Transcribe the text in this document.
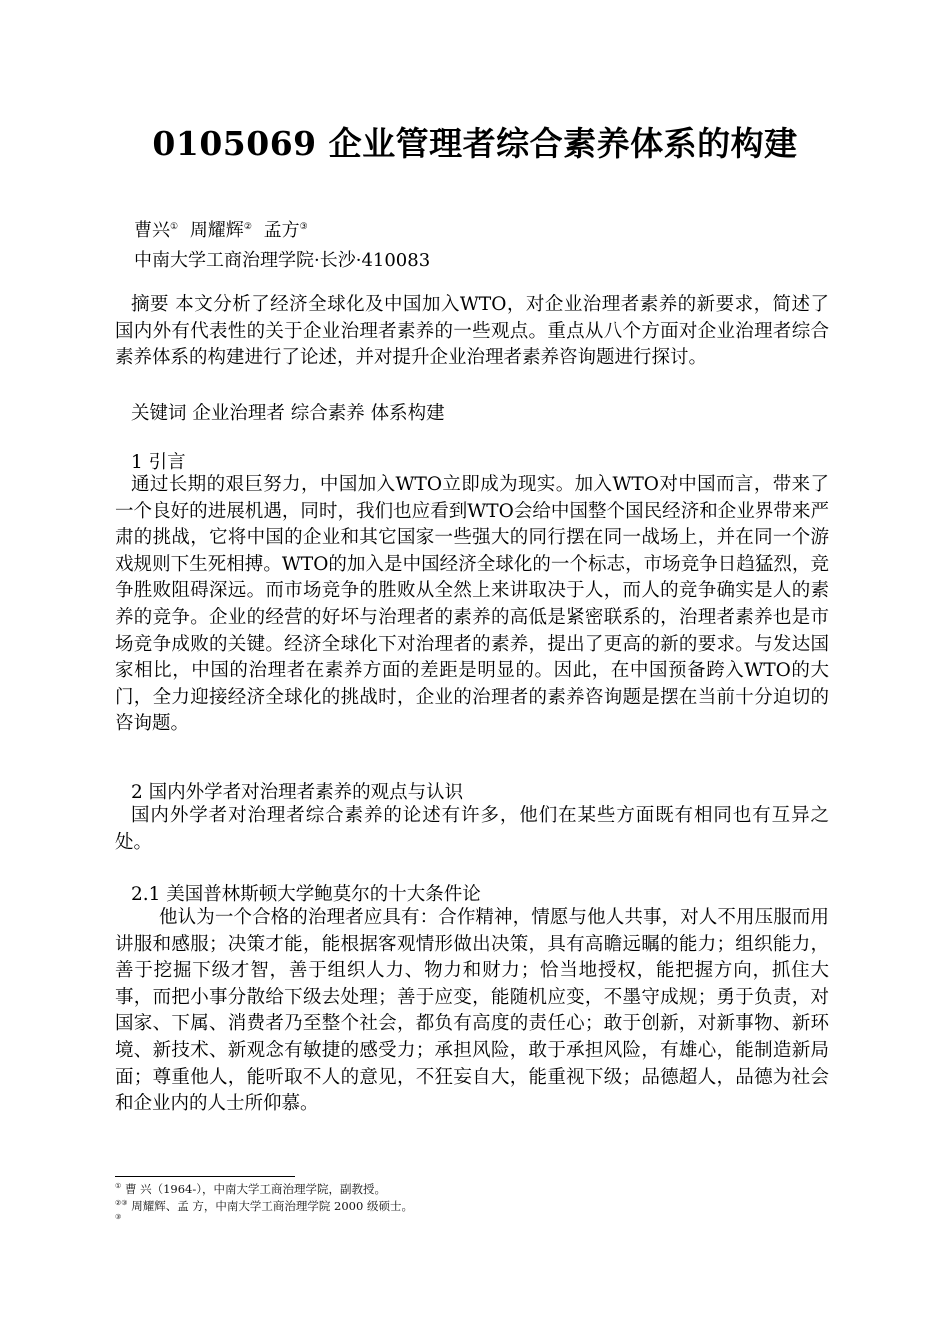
0105069 企业管理者综合素养体系的构建
曹兴① 周耀辉② 孟方③
中南大学工商治理学院·长沙·410083
摘要 本文分析了经济全球化及中国加入WTO，对企业治理者素养的新要求，简述了国内外有代表性的关于企业治理者素养的一些观点。重点从八个方面对企业治理者综合素养体系的构建进行了论述，并对提升企业治理者素养咨询题进行探讨。
关键词 企业治理者 综合素养 体系构建
1 引言
通过长期的艰巨努力，中国加入WTO立即成为现实。加入WTO对中国而言，带来了一个良好的进展机遇，同时，我们也应看到WTO会给中国整个国民经济和企业界带来严肃的挑战，它将中国的企业和其它国家一些强大的同行摆在同一战场上，并在同一个游戏规则下生死相搏。WTO的加入是中国经济全球化的一个标志，市场竞争日趋猛烈，竞争胜败阻碍深远。而市场竞争的胜败从全然上来讲取决于人，而人的竞争确实是人的素养的竞争。企业的经营的好坏与治理者的素养的高低是紧密联系的，治理者素养也是市场竞争成败的关键。经济全球化下对治理者的素养，提出了更高的新的要求。与发达国家相比，中国的治理者在素养方面的差距是明显的。因此，在中国预备跨入WTO的大门，全力迎接经济全球化的挑战时，企业的治理者的素养咨询题是摆在当前十分迫切的咨询题。
2 国内外学者对治理者素养的观点与认识
国内外学者对治理者综合素养的论述有许多，他们在某些方面既有相同也有互异之处。
2.1 美国普林斯顿大学鲍莫尔的十大条件论
他认为一个合格的治理者应具有：合作精神，情愿与他人共事，对人不用压服而用讲服和感服；决策才能，能根据客观情形做出决策，具有高瞻远瞩的能力；组织能力，善于挖掘下级才智，善于组织人力、物力和财力；恰当地授权，能把握方向，抓住大事，而把小事分散给下级去处理；善于应变，能随机应变，不墨守成规；勇于负责，对国家、下属、消费者乃至整个社会，都负有高度的责任心；敢于创新，对新事物、新环境、新技术、新观念有敏捷的感受力；承担风险，敢于承担风险，有雄心，能制造新局面；尊重他人，能听取不人的意见，不狂妄自大，能重视下级；品德超人，品德为社会和企业内的人士所仰慕。
① 曹 兴（1964-），中南大学工商治理学院，副教授。
②③ 周耀辉、孟 方，中南大学工商治理学院 2000 级硕士。
③
